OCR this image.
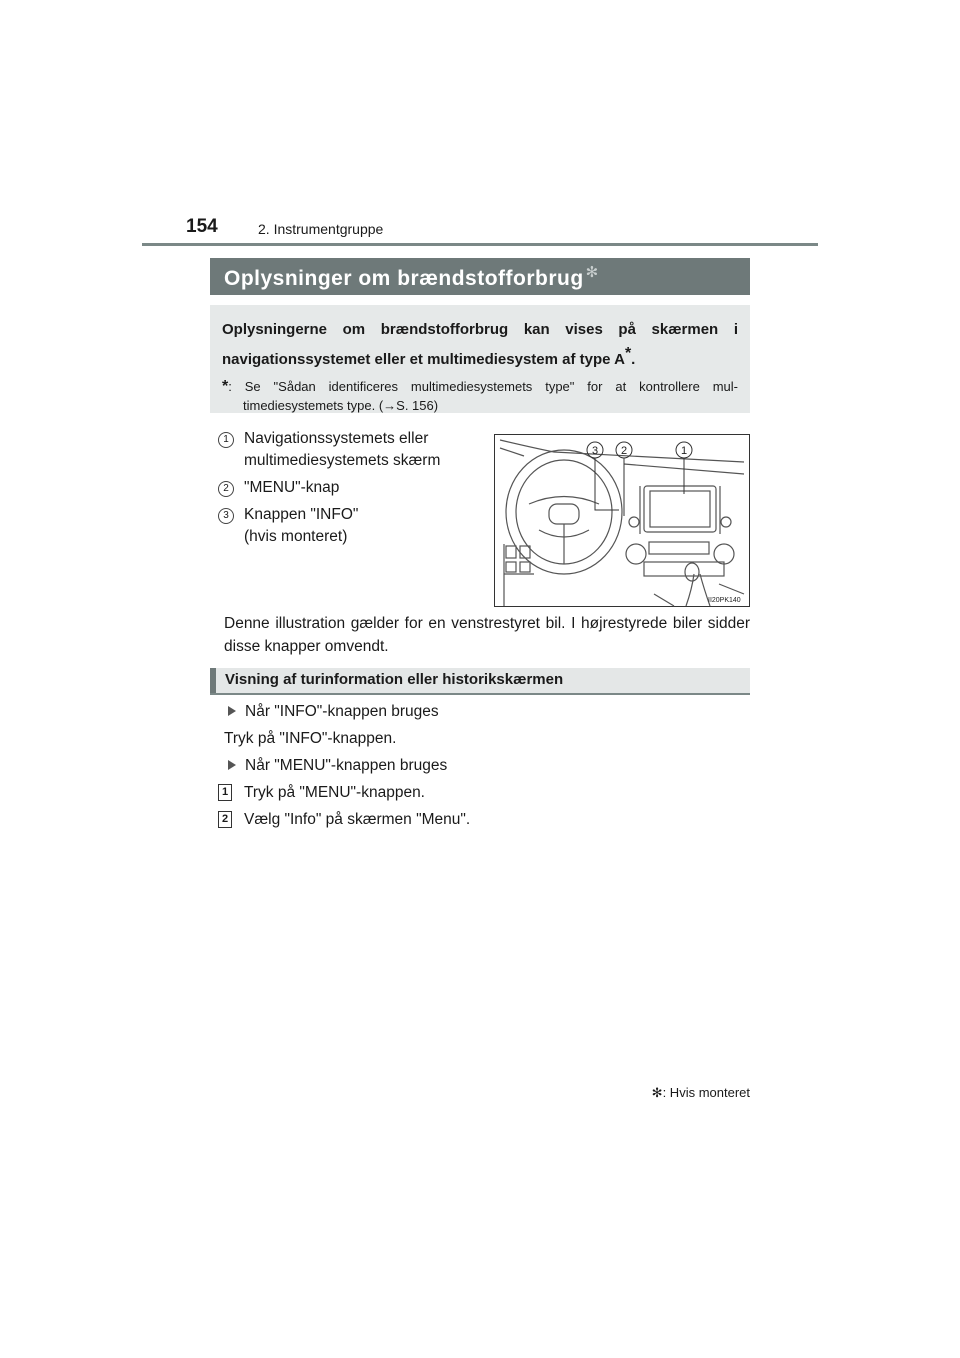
154	2. Instrumentgruppe
Oplysninger om brændstofforbrug ✻
Oplysningerne om brændstofforbrug kan vises på skærmen i navigationssystemet eller et multimediesystem af type A*.
*: Se "Sådan identificeres multimediesystemets type" for at kontrollere mul-timediesystemets type. (→S. 156)
1 Navigationssystemets eller
multimediesystemets skærm
2 "MENU"-knap
3 Knappen "INFO"
(hvis monteret)
3 2	1
II20PK140
Denne illustration gælder for en venstrestyret bil. I højrestyrede biler sidder disse knapper omvendt.
Visning af turinformation eller historikskærmen
Når "INFO"-knappen bruges
Tryk på "INFO"-knappen.
Når "MENU"-knappen bruges
1 Tryk på "MENU"-knappen.
2 Vælg "Info" på skærmen "Menu".
✻: Hvis monteret
